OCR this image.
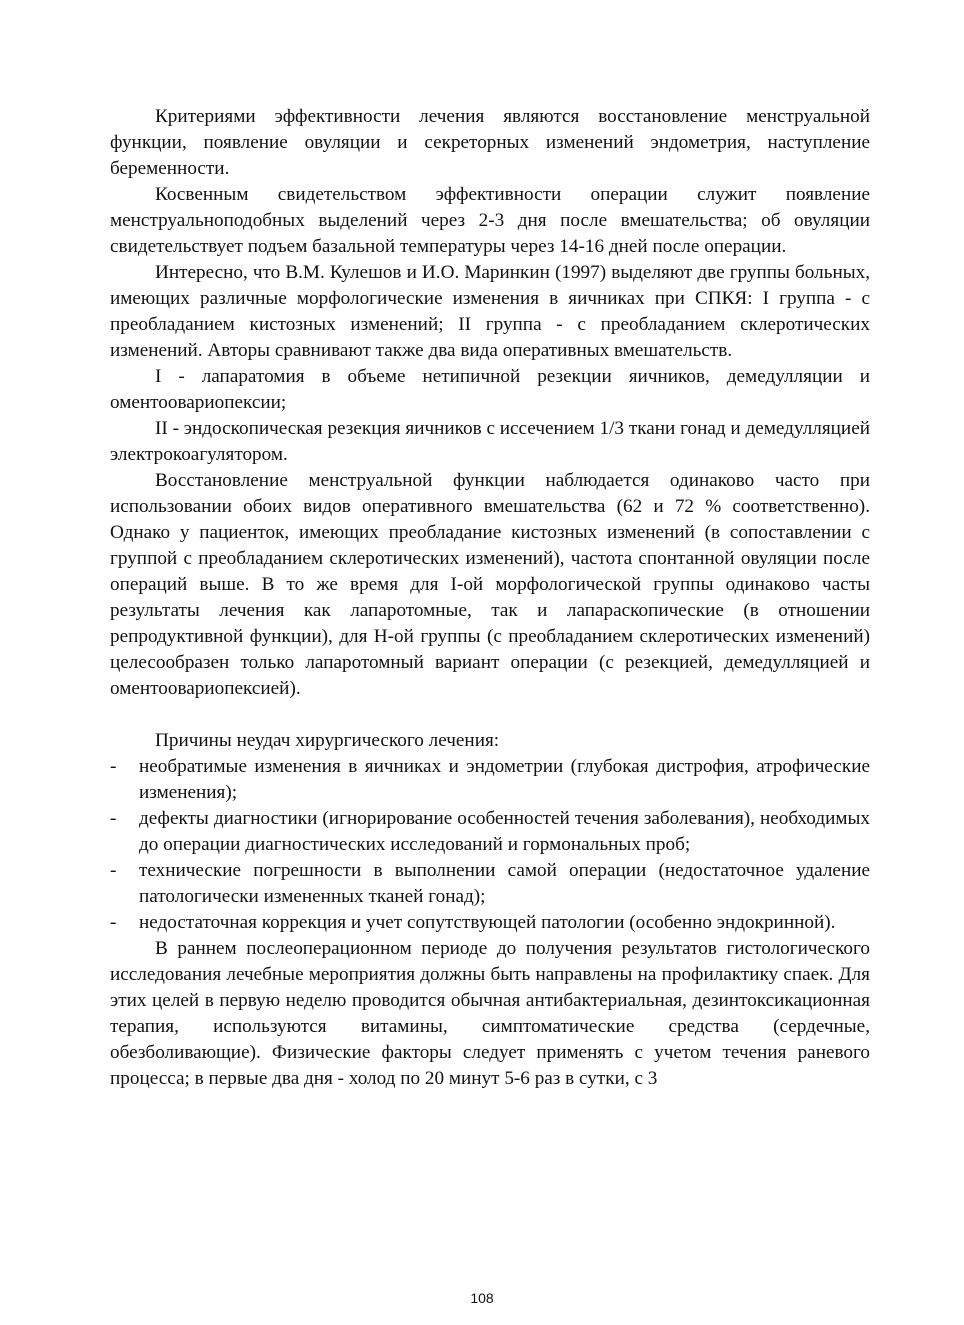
Критериями эффективности лечения являются восстановление менструальной функции, появление овуляции и секреторных изменений эндометрия, наступление беременности.

Косвенным свидетельством эффективности операции служит появление менструальноподобных выделений через 2-3 дня после вмешательства; об овуляции свидетельствует подъем базальной температуры через 14-16 дней после операции.

Интересно, что В.М. Кулешов и И.О. Маринкин (1997) выделяют две группы больных, имеющих различные морфологические изменения в яичниках при СПКЯ: I группа - с преобладанием кистозных изменений; II группа - с преобладанием склеротических изменений. Авторы сравнивают также два вида оперативных вмешательств.

I - лапаратомия в объеме нетипичной резекции яичников, демедулляции и оментоовариопексии;

II - эндоскопическая резекция яичников с иссечением 1/3 ткани гонад и демедулляцией электрокоагулятором.

Восстановление менструальной функции наблюдается одинаково часто при использовании обоих видов оперативного вмешательства (62 и 72 % соответственно). Однако у пациенток, имеющих преобладание кистозных изменений (в сопоставлении с группой с преобладанием склеротических изменений), частота спонтанной овуляции после операций выше. В то же время для I-ой морфологической группы одинаково часты результаты лечения как лапаротомные, так и лапараскопические (в отношении репродуктивной функции), для Н-ой группы (с преобладанием склеротических изменений) целесообразен только лапаротомный вариант операции (с резекцией, демедулляцией и оментоовариопексией).

Причины неудач хирургического лечения:

- необратимые изменения в яичниках и эндометрии (глубокая дистрофия, атрофические изменения);
- дефекты диагностики (игнорирование особенностей течения заболевания), необходимых до операции диагностических исследований и гормональных проб;
- технические погрешности в выполнении самой операции (недостаточное удаление патологически измененных тканей гонад);
- недостаточная коррекция и учет сопутствующей патологии (особенно эндокринной).

В раннем послеоперационном периоде до получения результатов гистологического исследования лечебные мероприятия должны быть направлены на профилактику спаек. Для этих целей в первую неделю проводится обычная антибактериальная, дезинтоксикационная терапия, используются витамины, симптоматические средства (сердечные, обезболивающие). Физические факторы следует применять с учетом течения раневого процесса; в первые два дня - холод по 20 минут 5-6 раз в сутки, с 3

108
